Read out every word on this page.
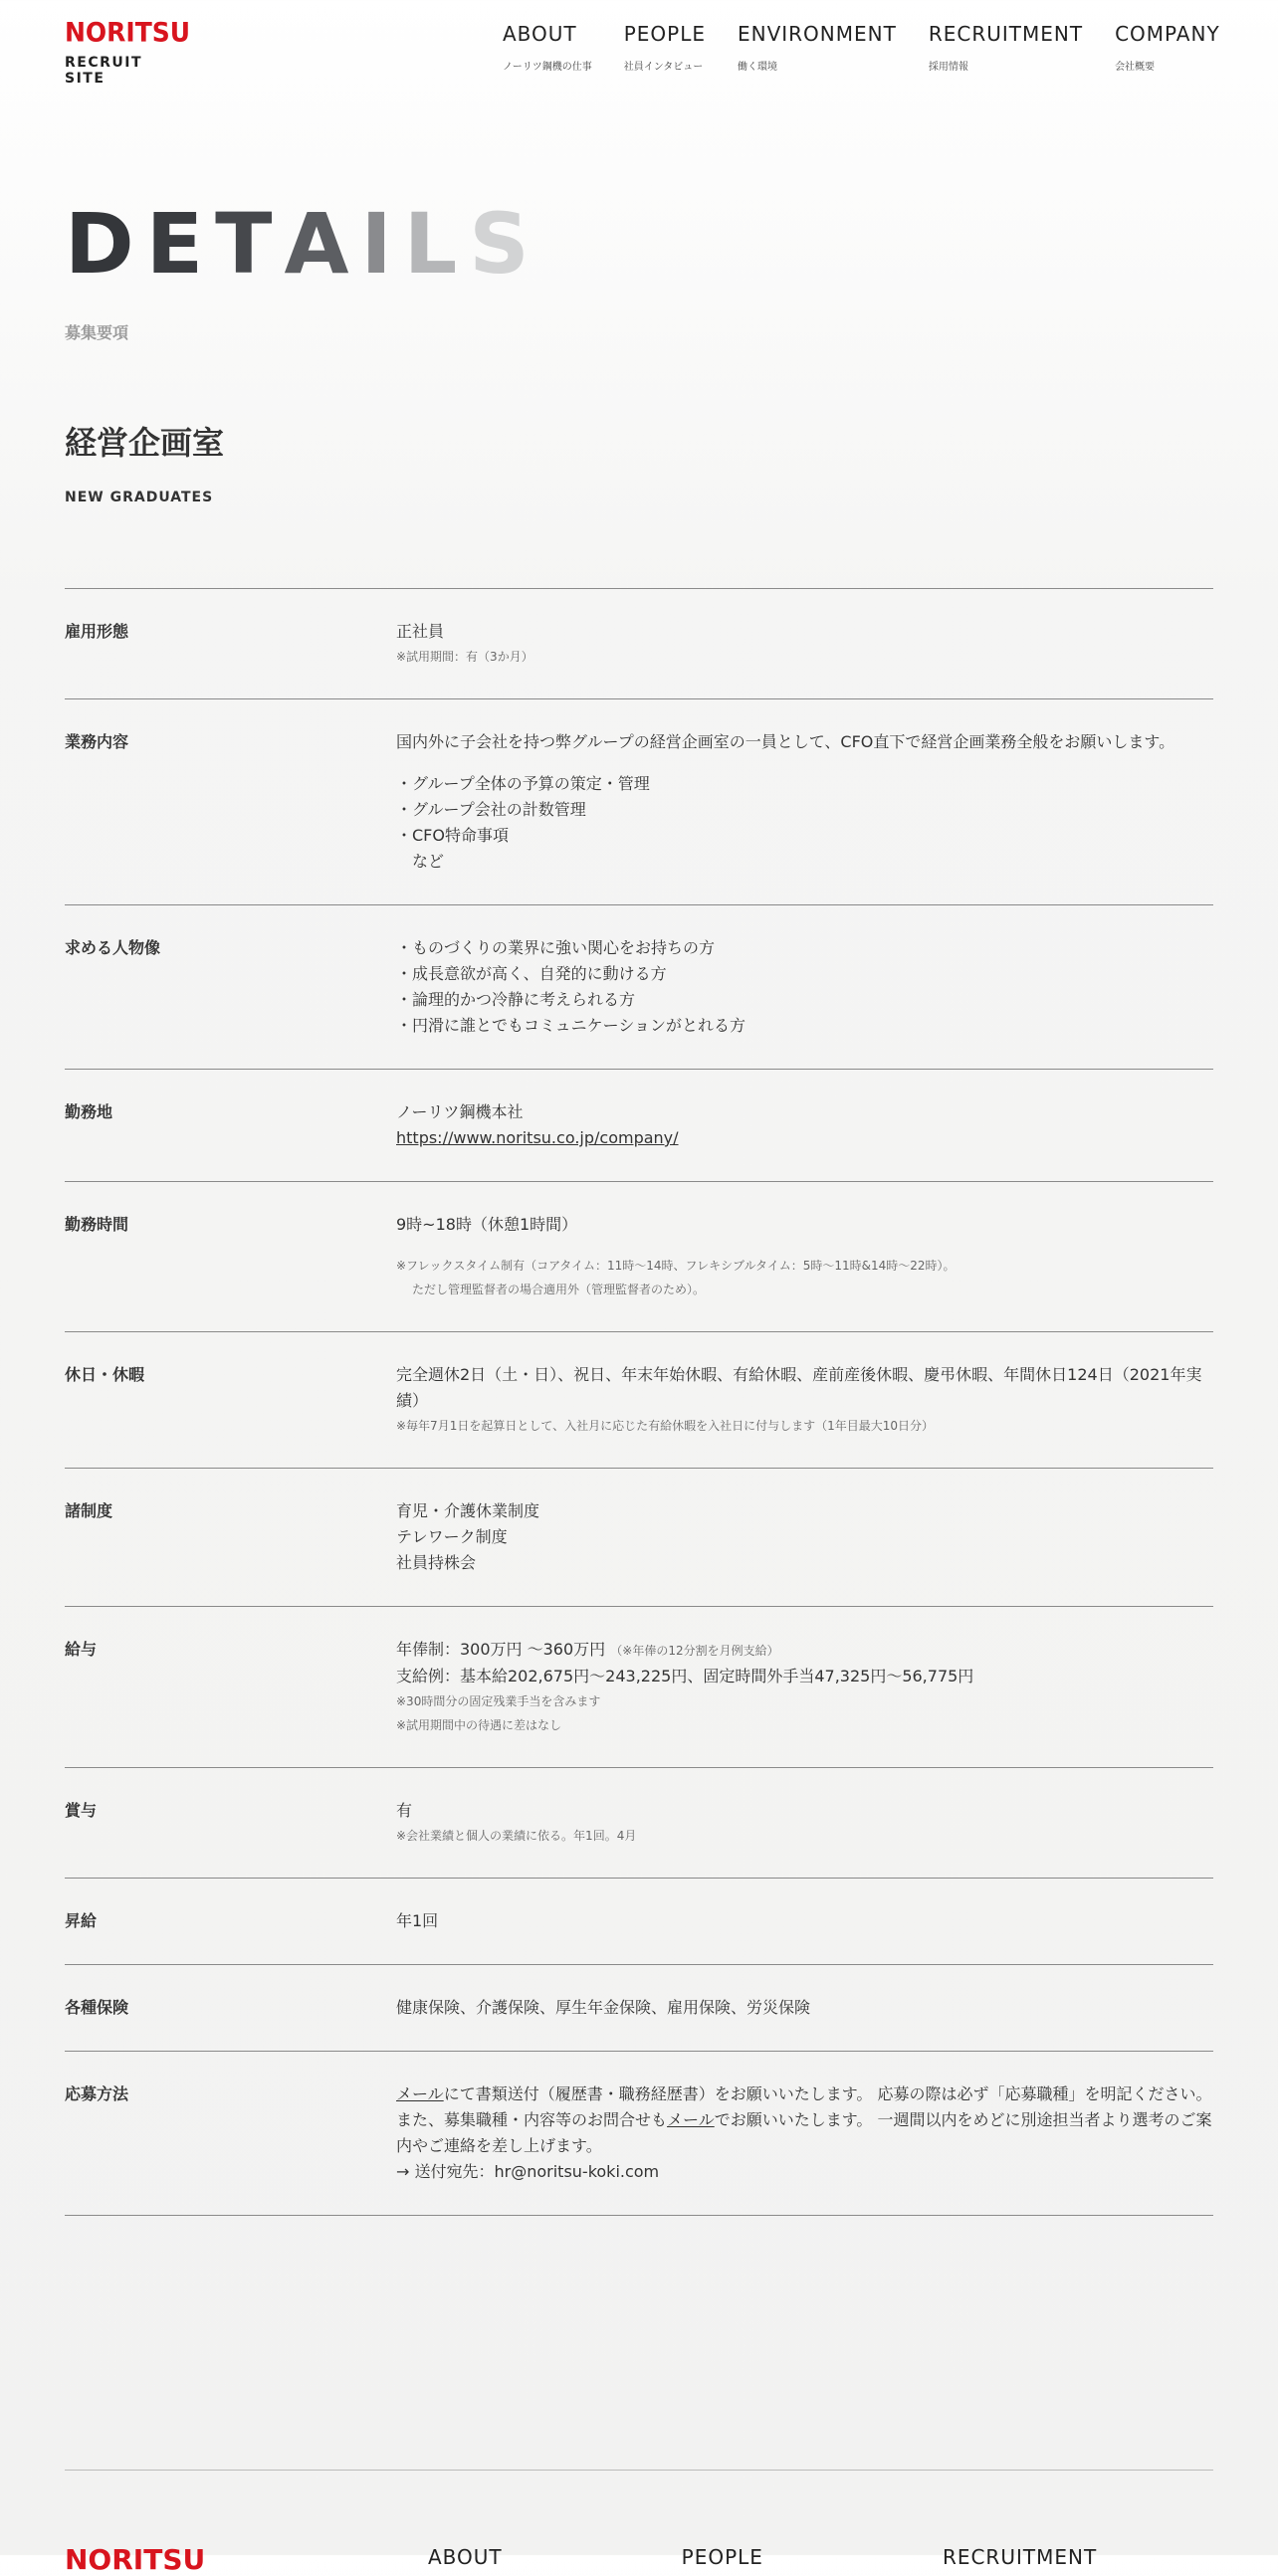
NORITSU
RECRUIT SITE
ABOUT
ノーリツ鋼機の仕事
PEOPLE
社員インタビュー
ENVIRONMENT
働く環境
RECRUITMENT
採用情報
COMPANY
会社概要
DETAILS
募集要項
経営企画室
NEW GRADUATES
雇用形態	正社員
※試用期間：有（3か月）
業務内容	国内外に子会社を持つ弊グループの経営企画室の一員として、CFO直下で経営企画業務全般をお願いします。
・グループ全体の予算の策定・管理
・グループ会社の計数管理
・CFO特命事項
など
求める人物像	・ものづくりの業界に強い関心をお持ちの方
・成長意欲が高く、自発的に動ける方
・論理的かつ冷静に考えられる方
・円滑に誰とでもコミュニケーションがとれる方
勤務地	ノーリツ鋼機本社
https://www.noritsu.co.jp/company/
勤務時間	9時~18時（休憩1時間）
※フレックスタイム制有（コアタイム：11時〜14時、フレキシブルタイム：5時〜11時&14時〜22時）。
ただし管理監督者の場合適用外（管理監督者のため）。
休日・休暇	完全週休2日（土・日）、祝日、年末年始休暇、有給休暇、産前産後休暇、慶弔休暇、年間休日124日（2021年実績）
※毎年7月1日を起算日として、入社月に応じた有給休暇を入社日に付与します（1年目最大10日分）
諸制度	育児・介護休業制度
テレワーク制度
社員持株会
給与	年俸制：300万円 〜360万円 （※年俸の12分割を月例支給）
支給例：基本給202,675円〜243,225円、固定時間外手当47,325円〜56,775円
※30時間分の固定残業手当を含みます
※試用期間中の待遇に差はなし
賞与	有
※会社業績と個人の業績に依る。年1回。4月
昇給	年1回
各種保険	健康保険、介護保険、厚生年金保険、雇用保険、労災保険
応募方法	メールにて書類送付（履歴書・職務経歴書）をお願いいたします。 応募の際は必ず「応募職種」を明記ください。また、募集職種・内容等のお問合せもメールでお願いいたします。 一週間以内をめどに別途担当者より選考のご案内やご連絡を差し上げます。
→ 送付宛先：hr@noritsu-koki.com
NORITSU	ABOUT	PEOPLE	RECRUITMENT
